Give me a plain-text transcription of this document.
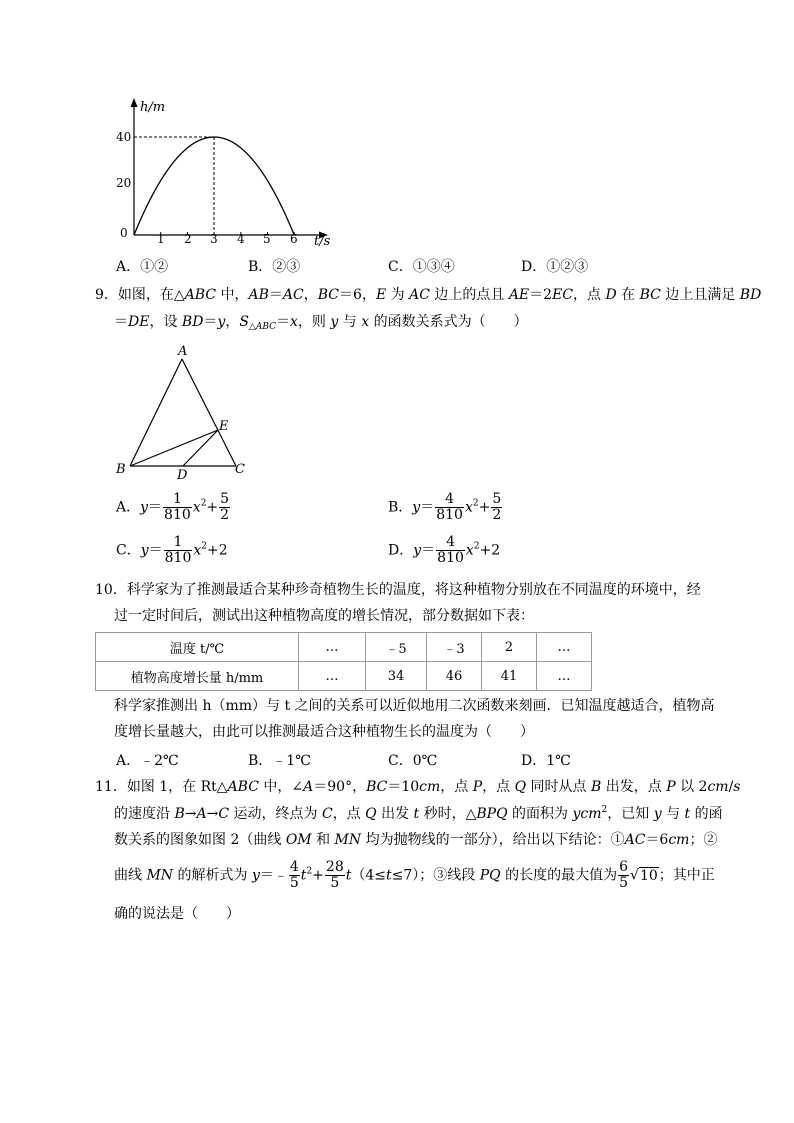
h/m
t/s
0
20
40
1 2 3 4 5 6
A．①②	B．②③	C．①③④	D．①②③
9．如图，在△ABC 中，AB＝AC，BC＝6，E 为 AC 边上的点且 AE＝2EC，点 D 在 BC 边上且满足 BD
＝DE，设 BD＝y，$S_{\triangle ABC}=x$，则 y 与 x 的函数关系式为（　　）
A
B	C
D
E
A．$y= \frac{1}{810} x^2+ \frac{5}{2}$	B．$y= \frac{4}{810} x^2+ \frac{5}{2}$
C．$y= \frac{1}{810} x^2+2$	D．$y= \frac{4}{810} x^2+2$
10．科学家为了推测最适合某种珍奇植物生长的温度，将这种植物分别放在不同温度的环境中，经
过一定时间后，测试出这种植物高度的增长情况，部分数据如下表：
温度 t/℃	…	﹣5	﹣3	2	…
植物高度增长量 h/mm	…	34	46	41	…
科学家推测出 h（mm）与 t 之间的关系可以近似地用二次函数来刻画．已知温度越适合，植物高
度增长量越大，由此可以推测最适合这种植物生长的温度为（　　）
A．﹣2℃	B．﹣1℃	C．0℃	D．1℃
11．如图 1，在 Rt△ABC 中，∠A＝90°，BC＝10cm，点 P，点 Q 同时从点 B 出发，点 P 以 2cm/s
的速度沿 B→A→C 运动，终点为 C，点 Q 出发 t 秒时，△BPQ 的面积为 ycm$^2$，已知 y 与 t 的函
数关系的图象如图 2（曲线 OM 和 MN 均为抛物线的一部分），给出以下结论：①AC＝6cm；②
曲线 MN 的解析式为 y＝﹣ $\frac{4}{5} t^2+ \frac{28}{5} t(4\le t\le 7)$；③线段 PQ 的长度的最大值为 $\frac{6}{5} √10$；其中正
确的说法是（　　）
